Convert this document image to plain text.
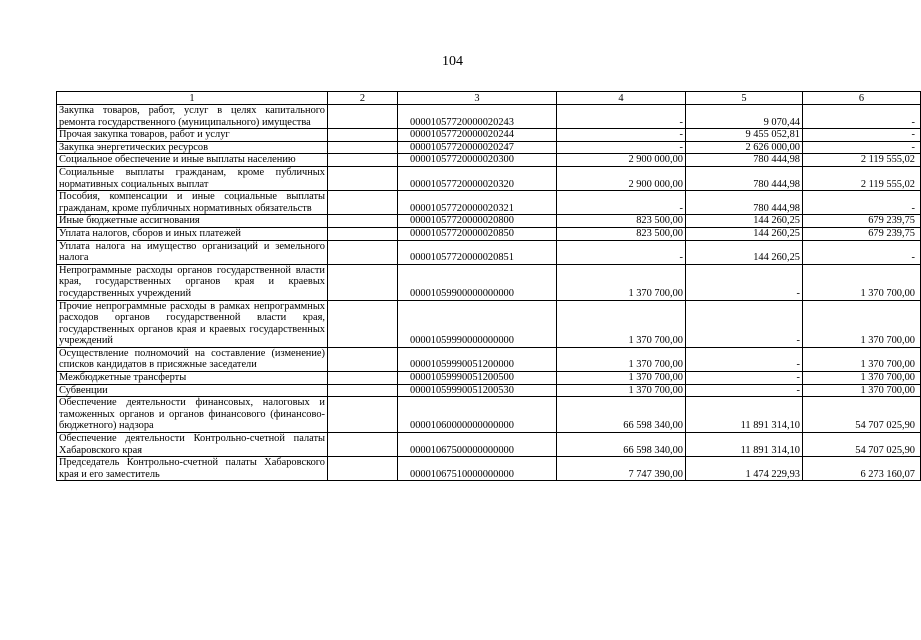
104
1	2	3	4	5	6
Закупка товаров, работ, услуг в целях капитального ремонта государственного (муниципального) имущества		00001057720000020243	-	9 070,44	-
Прочая закупка товаров, работ и услуг		00001057720000020244	-	9 455 052,81	-
Закупка энергетических ресурсов		00001057720000020247	-	2 626 000,00	-
Социальное обеспечение и иные выплаты населению		00001057720000020300	2 900 000,00	780 444,98	2 119 555,02
Социальные выплаты гражданам, кроме публичных нормативных социальных выплат		00001057720000020320	2 900 000,00	780 444,98	2 119 555,02
Пособия, компенсации и иные социальные выплаты гражданам, кроме публичных нормативных обязательств		00001057720000020321	-	780 444,98	-
Иные бюджетные ассигнования		00001057720000020800	823 500,00	144 260,25	679 239,75
Уплата налогов, сборов и иных платежей		00001057720000020850	823 500,00	144 260,25	679 239,75
Уплата налога на имущество организаций и земельного налога		00001057720000020851	-	144 260,25	-
Непрограммные расходы органов государственной власти края, государственных органов края и краевых государственных учреждений		00001059900000000000	1 370 700,00	-	1 370 700,00
Прочие непрограммные расходы в рамках непрограммных расходов органов государственной власти края, государственных органов края и краевых государственных учреждений		00001059990000000000	1 370 700,00	-	1 370 700,00
Осуществление полномочий на составление (изменение) списков кандидатов в присяжные заседатели		00001059990051200000	1 370 700,00	-	1 370 700,00
Межбюджетные трансферты		00001059990051200500	1 370 700,00	-	1 370 700,00
Субвенции		00001059990051200530	1 370 700,00	-	1 370 700,00
Обеспечение деятельности финансовых, налоговых и таможенных органов и органов финансового (финансово-бюджетного) надзора		00001060000000000000	66 598 340,00	11 891 314,10	54 707 025,90
Обеспечение деятельности Контрольно-счетной палаты Хабаровского края		00001067500000000000	66 598 340,00	11 891 314,10	54 707 025,90
Председатель Контрольно-счетной палаты Хабаровского края и его заместитель		00001067510000000000	7 747 390,00	1 474 229,93	6 273 160,07
